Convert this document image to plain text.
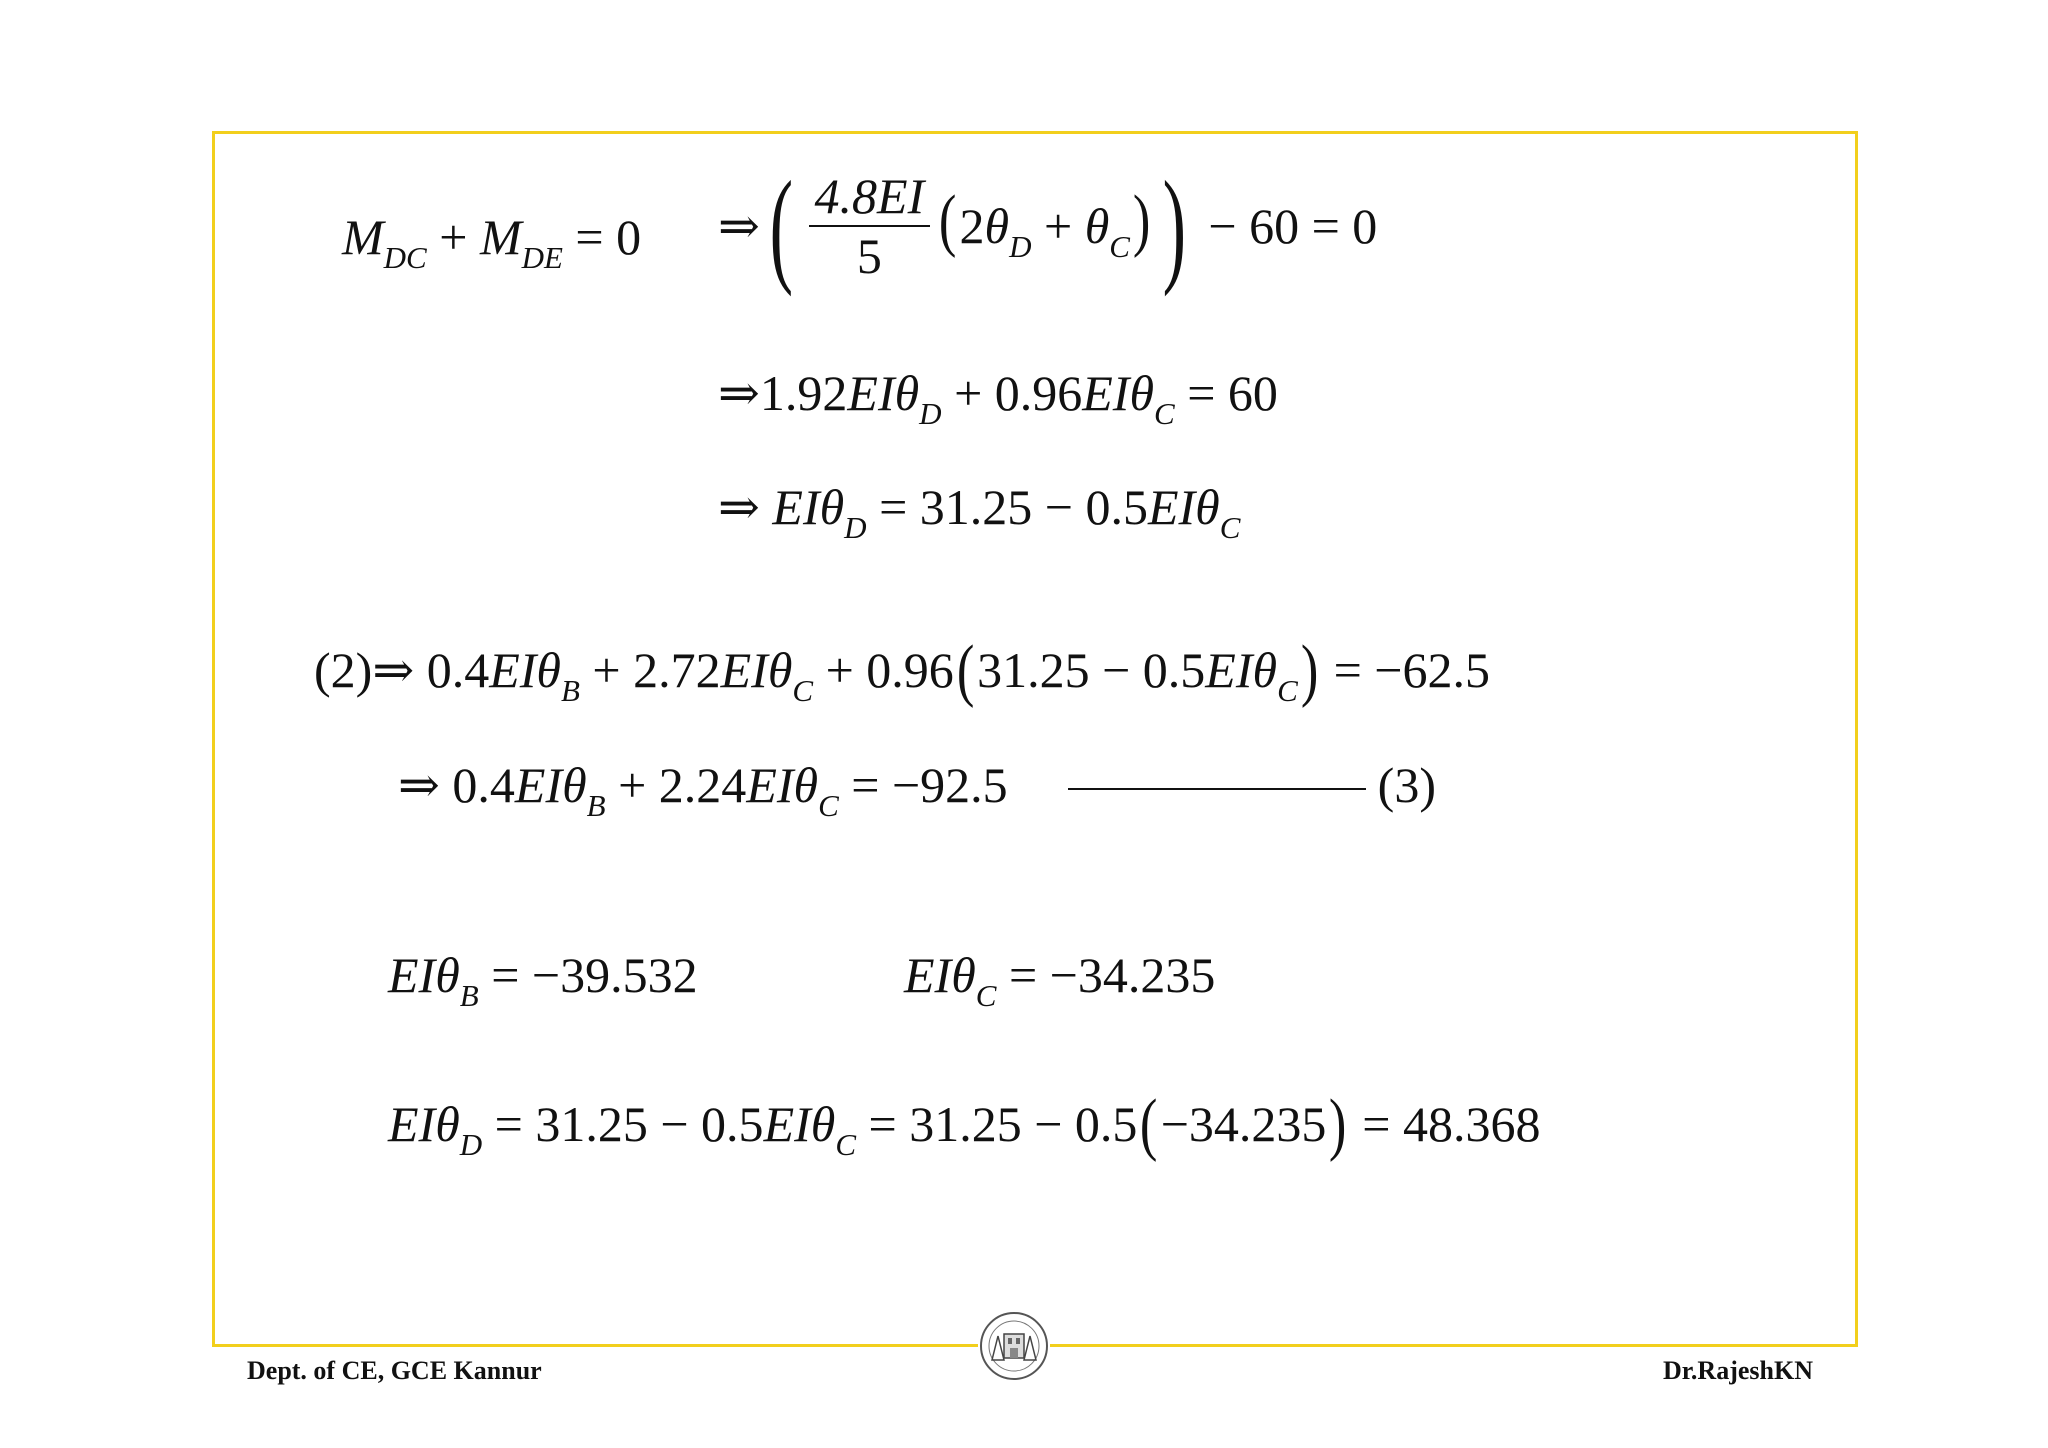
$M_{DC} + M_{DE} = 0$ ⇒( $\frac{4.8EI}{5} (2\theta_D + \theta_C)) - 60 = 0$
⇒1.92EIθ$_D$ + 0.96EIθ$_C$ = 60
⇒ EIθ$_D$ = 31.25 − 0.5EIθ$_C$
(2)⇒ 0.4EIθ$_B$ + 2.72EIθ$_C$ + 0.96(31.25 − 0.5EIθ$_C$) = −62.5
⇒ 0.4EIθ$_B$ + 2.24EIθ$_C$ = −92.5	(3)
EIθ$_B$ = −39.532	EIθ$_C$ = −34.235
EIθ$_D$ = 31.25 − 0.5EIθ$_C$ = 31.25 − 0.5(−34.235) = 48.368
Dept. of CE, GCE Kannur	Dr.RajeshKN
